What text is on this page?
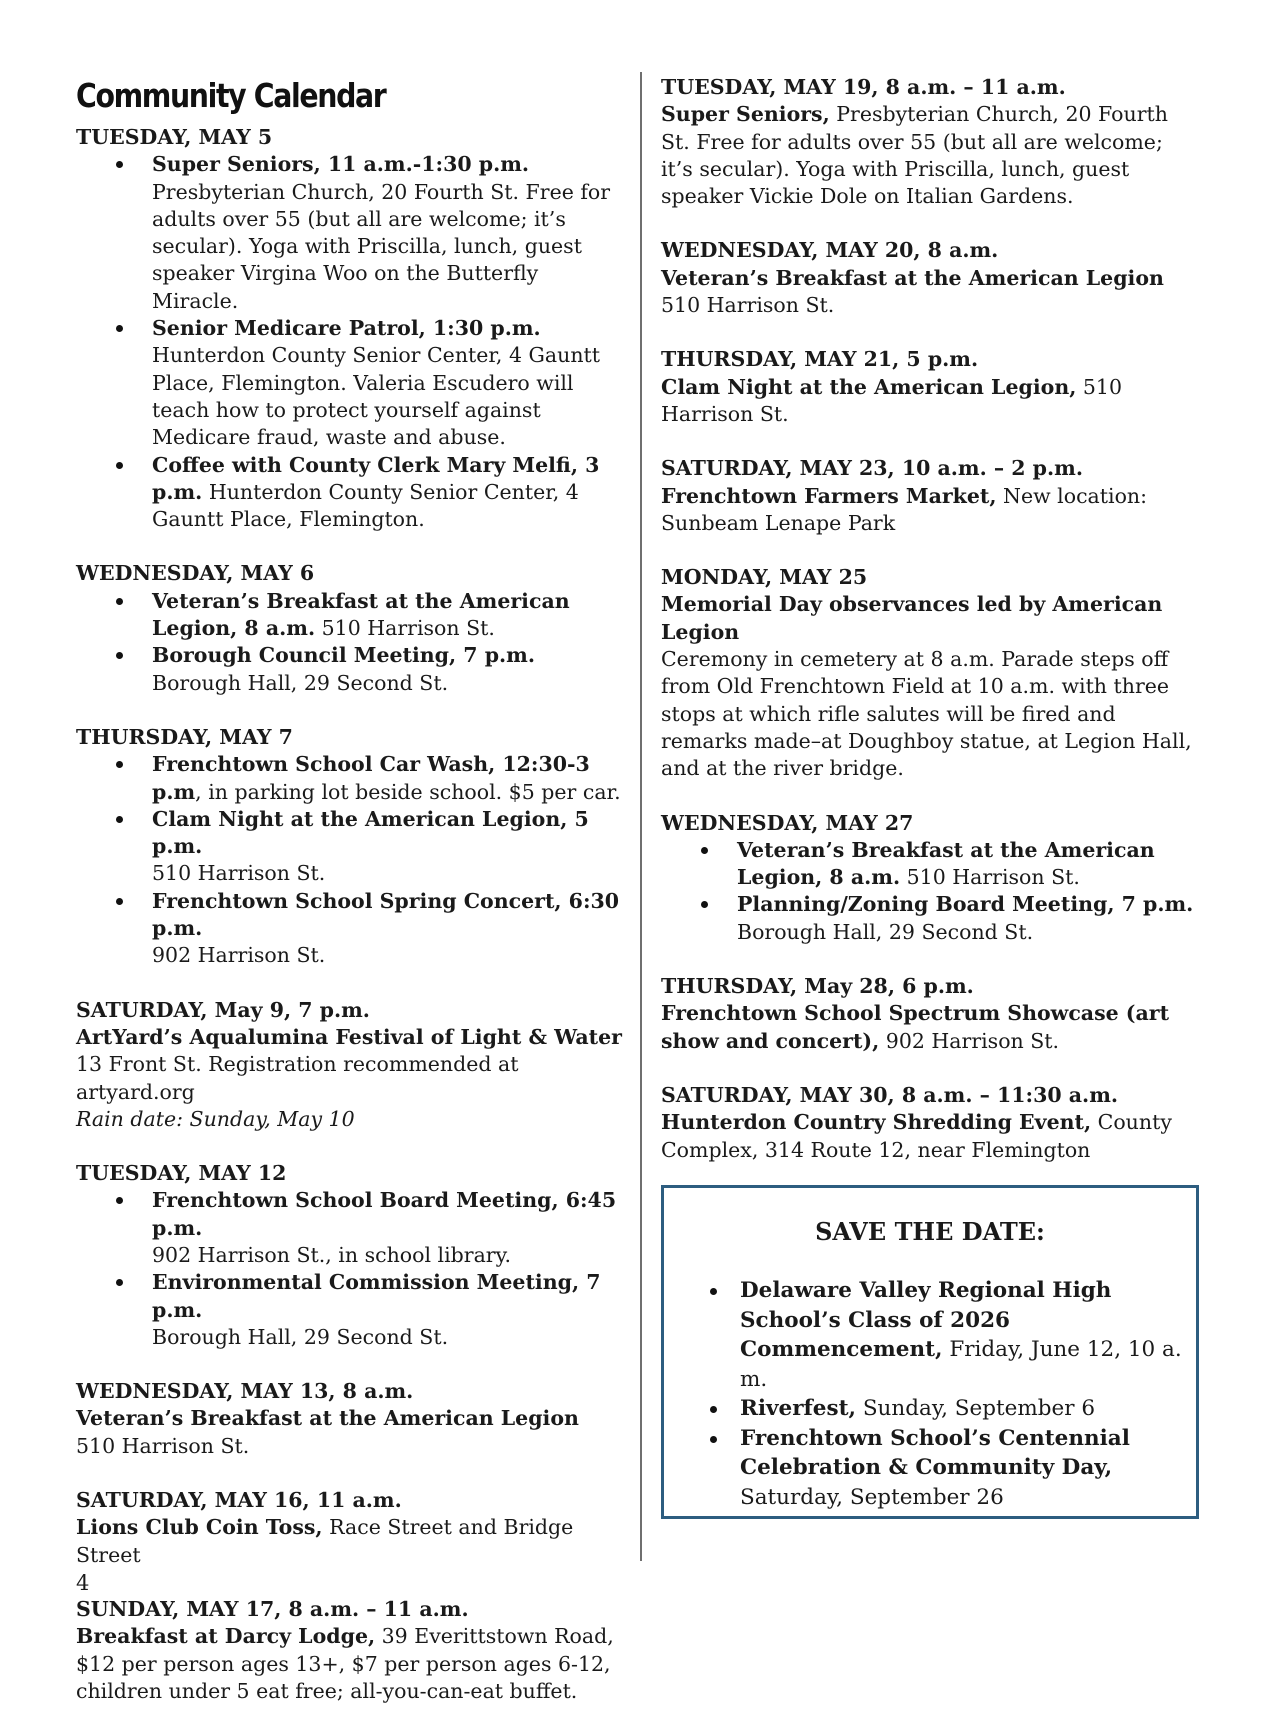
Community Calendar
TUESDAY, MAY 5
Super Seniors, 11 a.m.-1:30 p.m. Presbyterian Church, 20 Fourth St. Free for adults over 55 (but all are welcome; it’s secular). Yoga with Priscilla, lunch, guest speaker Virgina Woo on the Butterfly Miracle.
Senior Medicare Patrol, 1:30 p.m. Hunterdon County Senior Center, 4 Gauntt Place, Flemington. Valeria Escudero will teach how to protect yourself against Medicare fraud, waste and abuse.
Coffee with County Clerk Mary Melfi, 3 p.m. Hunterdon County Senior Center, 4 Gauntt Place, Flemington.
WEDNESDAY, MAY 6
Veteran’s Breakfast at the American Legion, 8 a.m. 510 Harrison St.
Borough Council Meeting, 7 p.m.
Borough Hall, 29 Second St.
THURSDAY, MAY 7
Frenchtown School Car Wash, 12:30-3 p.m, in parking lot beside school. $5 per car.
Clam Night at the American Legion, 5 p.m.
510 Harrison St.
Frenchtown School Spring Concert, 6:30 p.m.
902 Harrison St.
SATURDAY, May 9, 7 p.m.
ArtYard’s Aqualumina Festival of Light & Water
13 Front St. Registration recommended at artyard.org
Rain date: Sunday, May 10
TUESDAY, MAY 12
Frenchtown School Board Meeting, 6:45 p.m.
902 Harrison St., in school library.
Environmental Commission Meeting, 7 p.m.
Borough Hall, 29 Second St.
WEDNESDAY, MAY 13, 8 a.m.
Veteran’s Breakfast at the American Legion
510 Harrison St.
SATURDAY, MAY 16, 11 a.m.
Lions Club Coin Toss, Race Street and Bridge Street
SUNDAY, MAY 17, 8 a.m. – 11 a.m.
Breakfast at Darcy Lodge, 39 Everittstown Road, $12 per person ages 13+, $7 per person ages 6-12, children under 5 eat free; all-you-can-eat buffet.
TUESDAY, MAY 19, 8 a.m. – 11 a.m.
Super Seniors, Presbyterian Church, 20 Fourth St. Free for adults over 55 (but all are welcome; it’s secular). Yoga with Priscilla, lunch, guest speaker Vickie Dole on Italian Gardens.
WEDNESDAY, MAY 20, 8 a.m.
Veteran’s Breakfast at the American Legion
510 Harrison St.
THURSDAY, MAY 21, 5 p.m.
Clam Night at the American Legion, 510 Harrison St.
SATURDAY, MAY 23, 10 a.m. – 2 p.m.
Frenchtown Farmers Market, New location: Sunbeam Lenape Park
MONDAY, MAY 25
Memorial Day observances led by American Legion
Ceremony in cemetery at 8 a.m. Parade steps off from Old Frenchtown Field at 10 a.m. with three stops at which rifle salutes will be fired and remarks made–at Doughboy statue, at Legion Hall, and at the river bridge.
WEDNESDAY, MAY 27
Veteran’s Breakfast at the American Legion, 8 a.m. 510 Harrison St.
Planning/Zoning Board Meeting, 7 p.m.
Borough Hall, 29 Second St.
THURSDAY, May 28, 6 p.m.
Frenchtown School Spectrum Showcase (art show and concert), 902 Harrison St.
SATURDAY, MAY 30, 8 a.m. – 11:30 a.m.
Hunterdon Country Shredding Event, County Complex, 314 Route 12, near Flemington
SAVE THE DATE:
Delaware Valley Regional High School’s Class of 2026 Commencement, Friday, June 12, 10 a. m.
Riverfest, Sunday, September 6
Frenchtown School’s Centennial Celebration & Community Day, Saturday, September 26
4
